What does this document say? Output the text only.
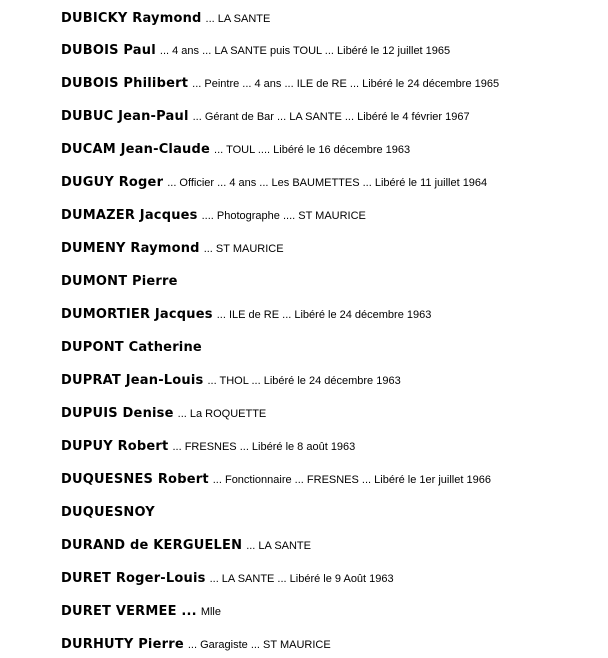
DUBICKY Raymond ... LA SANTE
DUBOIS Paul ... 4 ans ... LA SANTE puis TOUL ... Libéré le 12 juillet 1965
DUBOIS Philibert ... Peintre ... 4 ans ... ILE de RE ... Libéré le 24 décembre 1965
DUBUC Jean-Paul ... Gérant de Bar ... LA SANTE ... Libéré le 4 février 1967
DUCAM Jean-Claude ... TOUL .... Libéré le 16 décembre 1963
DUGUY Roger ... Officier ... 4 ans ... Les BAUMETTES ... Libéré le 11 juillet 1964
DUMAZER Jacques .... Photographe .... ST MAURICE
DUMENY Raymond ... ST MAURICE
DUMONT Pierre
DUMORTIER Jacques ... ILE de RE ... Libéré le 24 décembre 1963
DUPONT Catherine
DUPRAT Jean-Louis ... THOL ... Libéré le 24 décembre 1963
DUPUIS Denise ... La ROQUETTE
DUPUY Robert ... FRESNES ... Libéré le 8 août 1963
DUQUESNES Robert ... Fonctionnaire ... FRESNES ... Libéré le 1er juillet 1966
DUQUESNOY
DURAND de KERGUELEN ... LA SANTE
DURET Roger-Louis ... LA SANTE ... Libéré le 9 Août 1963
DURET VERMEE ... Mlle
DURHUTY Pierre ... Garagiste ... ST MAURICE
